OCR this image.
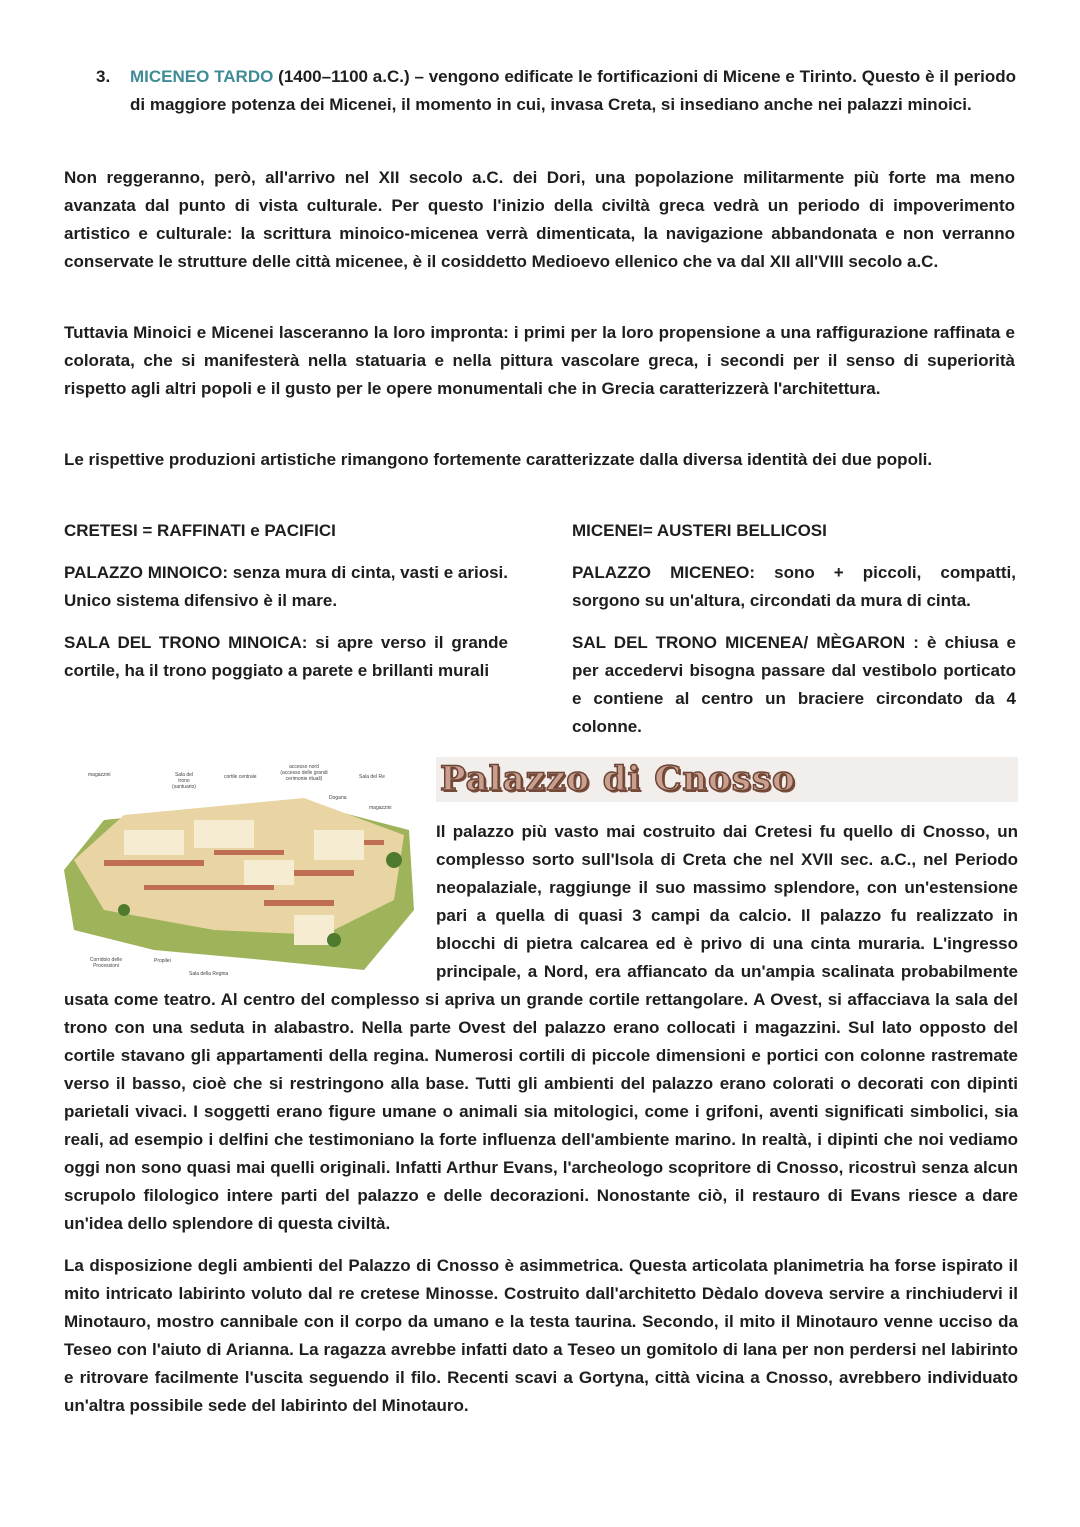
3.	MICENEO TARDO (1400–1100 a.C.) – vengono edificate le fortificazioni di Micene e Tirinto. Questo è il periodo di maggiore potenza dei Micenei, il momento in cui, invasa Creta, si insediano anche nei palazzi minoici.

Non reggeranno, però, all'arrivo nel XII secolo a.C. dei Dori, una popolazione militarmente più forte ma meno avanzata dal punto di vista culturale. Per questo l'inizio della civiltà greca vedrà un periodo di impoverimento artistico e culturale: la scrittura minoico-micenea verrà dimenticata, la navigazione abbandonata e non verranno conservate le strutture delle città micenee, è il cosiddetto Medioevo ellenico che va dal XII all'VIII secolo a.C.

Tuttavia Minoici e Micenei lasceranno la loro impronta: i primi per la loro propensione a una raffigurazione raffinata e colorata, che si manifesterà nella statuaria e nella pittura vascolare greca, i secondi per il senso di superiorità rispetto agli altri popoli e il gusto per le opere monumentali che in Grecia caratterizzerà l'architettura.

Le rispettive produzioni artistiche rimangono fortemente caratterizzate dalla diversa identità dei due popoli.

CRETESI = RAFFINATI e PACIFICI

PALAZZO MINOICO: senza mura di cinta, vasti e ariosi. Unico sistema difensivo è il mare.

SALA DEL TRONO MINOICA: si apre verso il grande cortile, ha il trono poggiato a parete e brillanti murali

MICENEI= AUSTERI BELLICOSI

PALAZZO MICENEO: sono + piccoli, compatti, sorgono su un'altura, circondati da mura di cinta.

SAL DEL TRONO MICENEA/ MÈGARON : è chiusa e per accedervi bisogna passare dal vestibolo porticato e contiene al centro un braciere circondato da 4 colonne.

magazzini	Sala del trono (santuario)
cortile centrale
accesso nord (accesso delle grandi cerimonie rituali)
Dogana
Sala del Re
magazzini
Corridoio delle Processioni
Propilei
Sala della Regina
Palazzo di Cnosso

Il palazzo più vasto mai costruito dai Cretesi fu quello di Cnosso, un complesso sorto sull'Isola di Creta che nel XVII sec. a.C., nel Periodo neopalaziale, raggiunge il suo massimo splendore, con un'estensione pari a quella di quasi 3 campi da calcio. Il palazzo fu realizzato in blocchi di pietra calcarea ed è privo di una cinta muraria. L'ingresso principale, a Nord, era affiancato da un'ampia scalinata probabilmente usata come teatro. Al centro del complesso si apriva un grande cortile rettangolare. A Ovest, si affacciava la sala del trono con una seduta in alabastro. Nella parte Ovest del palazzo erano collocati i magazzini. Sul lato opposto del cortile stavano gli appartamenti della regina. Numerosi cortili di piccole dimensioni e portici con colonne rastremate verso il basso, cioè che si restringono alla base. Tutti gli ambienti del palazzo erano colorati o decorati con dipinti parietali vivaci. I soggetti erano figure umane o animali sia mitologici, come i grifoni, aventi significati simbolici, sia reali, ad esempio i delfini che testimoniano la forte influenza dell'ambiente marino. In realtà, i dipinti che noi vediamo oggi non sono quasi mai quelli originali. Infatti Arthur Evans, l'archeologo scopritore di Cnosso, ricostruì senza alcun scrupolo filologico intere parti del palazzo e delle decorazioni. Nonostante ciò, il restauro di Evans riesce a dare un'idea dello splendore di questa civiltà.

La disposizione degli ambienti del Palazzo di Cnosso è asimmetrica. Questa articolata planimetria ha forse ispirato il mito intricato labirinto voluto dal re cretese Minosse. Costruito dall'architetto Dèdalo doveva servire a rinchiudervi il Minotauro, mostro cannibale con il corpo da umano e la testa taurina. Secondo, il mito il Minotauro venne ucciso da Teseo con l'aiuto di Arianna. La ragazza avrebbe infatti dato a Teseo un gomitolo di lana per non perdersi nel labirinto e ritrovare facilmente l'uscita seguendo il filo. Recenti scavi a Gortyna, città vicina a Cnosso, avrebbero individuato un'altra possibile sede del labirinto del Minotauro.
